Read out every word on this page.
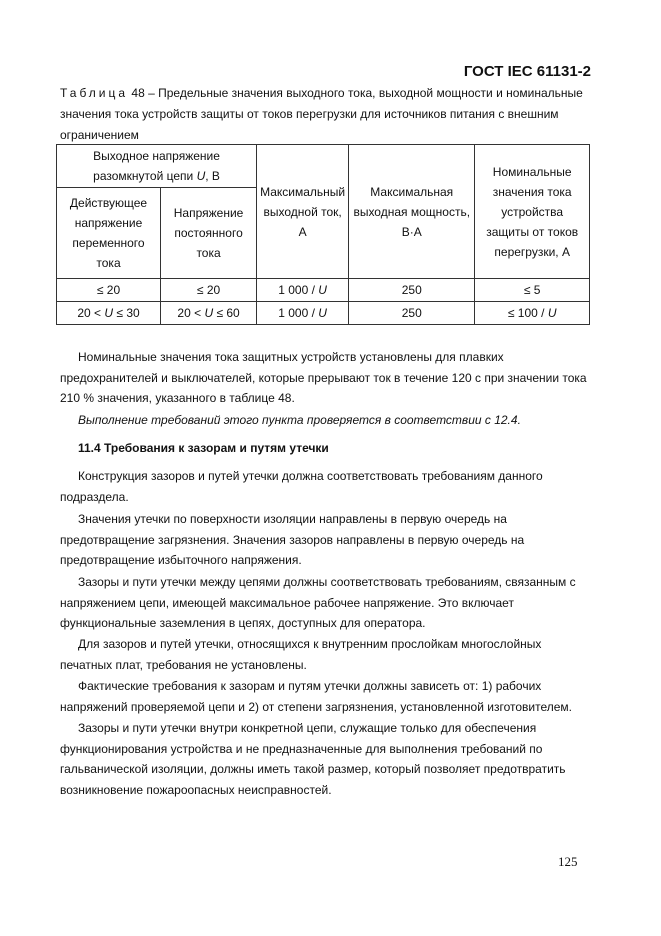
ГОСТ IEC 61131-2
Таблица 48 – Предельные значения выходного тока, выходной мощности и номинальные значения тока устройств защиты от токов перегрузки для источников питания с внешним ограничением
Выходное напряжение разомкнутой цепи U, В		Максимальный выходной ток, А	Максимальная выходная мощность, В·А	Номинальные значения тока устройства защиты от токов перегрузки, А
Действующее напряжение переменного тока	Напряжение постоянного тока			
≤ 20	≤ 20	1 000 / U	250	≤ 5
20 < U ≤ 30	20 < U ≤ 60	1 000 / U	250	≤ 100 / U

Номинальные значения тока защитных устройств установлены для плавких предохранителей и выключателей, которые прерывают ток в течение 120 с при значении тока 210 % значения, указанного в таблице 48.

Выполнение требований этого пункта проверяется в соответствии с 12.4.

11.4 Требования к зазорам и путям утечки

Конструкция зазоров и путей утечки должна соответствовать требованиям данного подраздела.

Значения утечки по поверхности изоляции направлены в первую очередь на предотвращение загрязнения. Значения зазоров направлены в первую очередь на предотвращение избыточного напряжения.

Зазоры и пути утечки между цепями должны соответствовать требованиям, связанным с напряжением цепи, имеющей максимальное рабочее напряжение. Это включает функциональные заземления в цепях, доступных для оператора.

Для зазоров и путей утечки, относящихся к внутренним прослойкам многослойных печатных плат, требования не установлены.

Фактические требования к зазорам и путям утечки должны зависеть от: 1) рабочих напряжений проверяемой цепи и 2) от степени загрязнения, установленной изготовителем.

Зазоры и пути утечки внутри конкретной цепи, служащие только для обеспечения функционирования устройства и не предназначенные для выполнения требований по гальванической изоляции, должны иметь такой размер, который позволяет предотвратить возникновение пожароопасных неисправностей.

125
